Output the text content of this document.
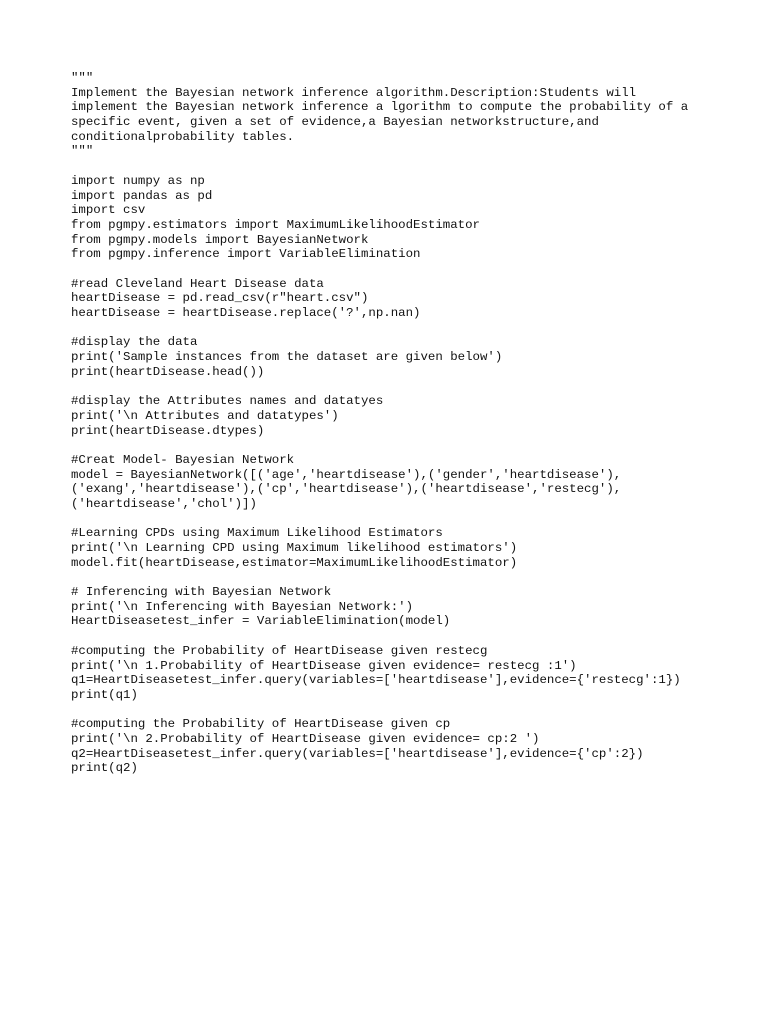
"""
Implement the Bayesian network inference algorithm.Description:Students will
implement the Bayesian network inference a lgorithm to compute the probability of a
specific event, given a set of evidence,a Bayesian networkstructure,and
conditionalprobability tables.
"""
import numpy as np
import pandas as pd
import csv
from pgmpy.estimators import MaximumLikelihoodEstimator
from pgmpy.models import BayesianNetwork
from pgmpy.inference import VariableElimination
#read Cleveland Heart Disease data
heartDisease = pd.read_csv(r"heart.csv")
heartDisease = heartDisease.replace('?',np.nan)
#display the data
print('Sample instances from the dataset are given below')
print(heartDisease.head())
#display the Attributes names and datatyes
print('\n Attributes and datatypes')
print(heartDisease.dtypes)
#Creat Model- Bayesian Network
model = BayesianNetwork([('age','heartdisease'),('gender','heartdisease'),
('exang','heartdisease'),('cp','heartdisease'),('heartdisease','restecg'),
('heartdisease','chol')])
#Learning CPDs using Maximum Likelihood Estimators
print('\n Learning CPD using Maximum likelihood estimators')
model.fit(heartDisease,estimator=MaximumLikelihoodEstimator)
# Inferencing with Bayesian Network
print('\n Inferencing with Bayesian Network:')
HeartDiseasetest_infer = VariableElimination(model)
#computing the Probability of HeartDisease given restecg
print('\n 1.Probability of HeartDisease given evidence= restecg :1')
q1=HeartDiseasetest_infer.query(variables=['heartdisease'],evidence={'restecg':1})
print(q1)
#computing the Probability of HeartDisease given cp
print('\n 2.Probability of HeartDisease given evidence= cp:2 ')
q2=HeartDiseasetest_infer.query(variables=['heartdisease'],evidence={'cp':2})
print(q2)
